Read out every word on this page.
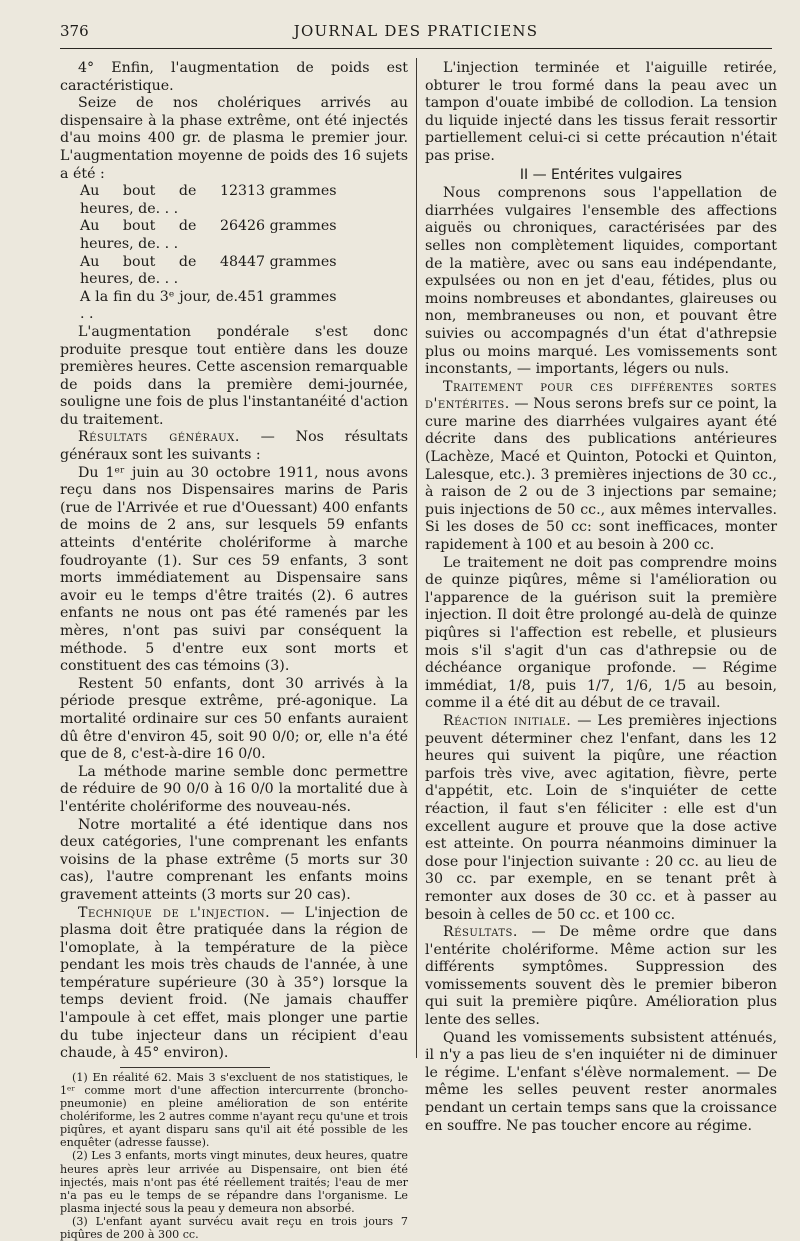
376	JOURNAL DES PRATICIENS

4° Enfin, l'augmentation de poids est caractéristique.

Seize de nos cholériques arrivés au dispensaire à la phase extrême, ont été injectés d'au moins 400 gr. de plasma le premier jour. L'augmentation moyenne de poids des 16 sujets a été :

Au bout de 12 heures, de. . .
313 grammes
Au bout de 26 heures, de. . .
426 grammes
Au bout de 48 heures, de. . .
447 grammes
A la fin du 3ᵉ jour, de. . .
451 grammes

L'augmentation pondérale s'est donc produite presque tout entière dans les douze premières heures. Cette ascension remarquable de poids dans la première demi-journée, souligne une fois de plus l'instantanéité d'action du traitement.

Résultats généraux. — Nos résultats généraux sont les suivants :

Du 1ᵉʳ juin au 30 octobre 1911, nous avons reçu dans nos Dispensaires marins de Paris (rue de l'Arrivée et rue d'Ouessant) 400 enfants de moins de 2 ans, sur lesquels 59 enfants atteints d'entérite cholériforme à marche foudroyante (1). Sur ces 59 enfants, 3 sont morts immédiatement au Dispensaire sans avoir eu le temps d'être traités (2). 6 autres enfants ne nous ont pas été ramenés par les mères, n'ont pas suivi par conséquent la méthode. 5 d'entre eux sont morts et constituent des cas témoins (3).

Restent 50 enfants, dont 30 arrivés à la période presque extrême, pré-agonique. La mortalité ordinaire sur ces 50 enfants auraient dû être d'environ 45, soit 90 0/0; or, elle n'a été que de 8, c'est-à-dire 16 0/0.

La méthode marine semble donc permettre de réduire de 90 0/0 à 16 0/0 la mortalité due à l'entérite cholériforme des nouveau-nés.

Notre mortalité a été identique dans nos deux catégories, l'une comprenant les enfants voisins de la phase extrême (5 morts sur 30 cas), l'autre comprenant les enfants moins gravement atteints (3 morts sur 20 cas).

Technique de l'injection. — L'injection de plasma doit être pratiquée dans la région de l'omoplate, à la température de la pièce pendant les mois très chauds de l'année, à une température supérieure (30 à 35°) lorsque la temps devient froid. (Ne jamais chauffer l'ampoule à cet effet, mais plonger une partie du tube injecteur dans un récipient d'eau chaude, à 45° environ).

(1) En réalité 62. Mais 3 s'excluent de nos statistiques, le 1ᵉʳ comme mort d'une affection intercurrente (broncho-pneumonie) en pleine amélioration de son entérite cholériforme, les 2 autres comme n'ayant reçu qu'une et trois piqûres, et ayant disparu sans qu'il ait été possible de les enquêter (adresse fausse).

(2) Les 3 enfants, morts vingt minutes, deux heures, quatre heures après leur arrivée au Dispensaire, ont bien été injectés, mais n'ont pas été réellement traités; l'eau de mer n'a pas eu le temps de se répandre dans l'organisme. Le plasma injecté sous la peau y demeura non absorbé.

(3) L'enfant ayant survécu avait reçu en trois jours 7 piqûres de 200 à 300 cc.

L'injection terminée et l'aiguille retirée, obturer le trou formé dans la peau avec un tampon d'ouate imbibé de collodion. La tension du liquide injecté dans les tissus ferait ressortir partiellement celui-ci si cette précaution n'était pas prise.

II — Entérites vulgaires

Nous comprenons sous l'appellation de diarrhées vulgaires l'ensemble des affections aiguës ou chroniques, caractérisées par des selles non complètement liquides, comportant de la matière, avec ou sans eau indépendante, expulsées ou non en jet d'eau, fétides, plus ou moins nombreuses et abondantes, glaireuses ou non, membraneuses ou non, et pouvant être suivies ou accompagnés d'un état d'athrepsie plus ou moins marqué. Les vomissements sont inconstants, — importants, légers ou nuls.

Traitement pour ces différentes sortes d'entérites. — Nous serons brefs sur ce point, la cure marine des diarrhées vulgaires ayant été décrite dans des publications antérieures (Lachèze, Macé et Quinton, Potocki et Quinton, Lalesque, etc.). 3 premières injections de 30 cc., à raison de 2 ou de 3 injections par semaine; puis injections de 50 cc., aux mêmes intervalles. Si les doses de 50 cc: sont inefficaces, monter rapidement à 100 et au besoin à 200 cc.

Le traitement ne doit pas comprendre moins de quinze piqûres, même si l'amélioration ou l'apparence de la guérison suit la première injection. Il doit être prolongé au-delà de quinze piqûres si l'affection est rebelle, et plusieurs mois s'il s'agit d'un cas d'athrepsie ou de déchéance organique profonde. — Régime immédiat, 1/8, puis 1/7, 1/6, 1/5 au besoin, comme il a été dit au début de ce travail.

Réaction initiale. — Les premières injections peuvent déterminer chez l'enfant, dans les 12 heures qui suivent la piqûre, une réaction parfois très vive, avec agitation, fièvre, perte d'appétit, etc. Loin de s'inquiéter de cette réaction, il faut s'en féliciter : elle est d'un excellent augure et prouve que la dose active est atteinte. On pourra néanmoins diminuer la dose pour l'injection suivante : 20 cc. au lieu de 30 cc. par exemple, en se tenant prêt à remonter aux doses de 30 cc. et à passer au besoin à celles de 50 cc. et 100 cc.

Résultats. — De même ordre que dans l'entérite cholériforme. Même action sur les différents symptômes. Suppression des vomissements souvent dès le premier biberon qui suit la première piqûre. Amélioration plus lente des selles.

Quand les vomissements subsistent atténués, il n'y a pas lieu de s'en inquiéter ni de diminuer le régime. L'enfant s'élève normalement. — De même les selles peuvent rester anormales pendant un certain temps sans que la croissance en souffre. Ne pas toucher encore au régime.
